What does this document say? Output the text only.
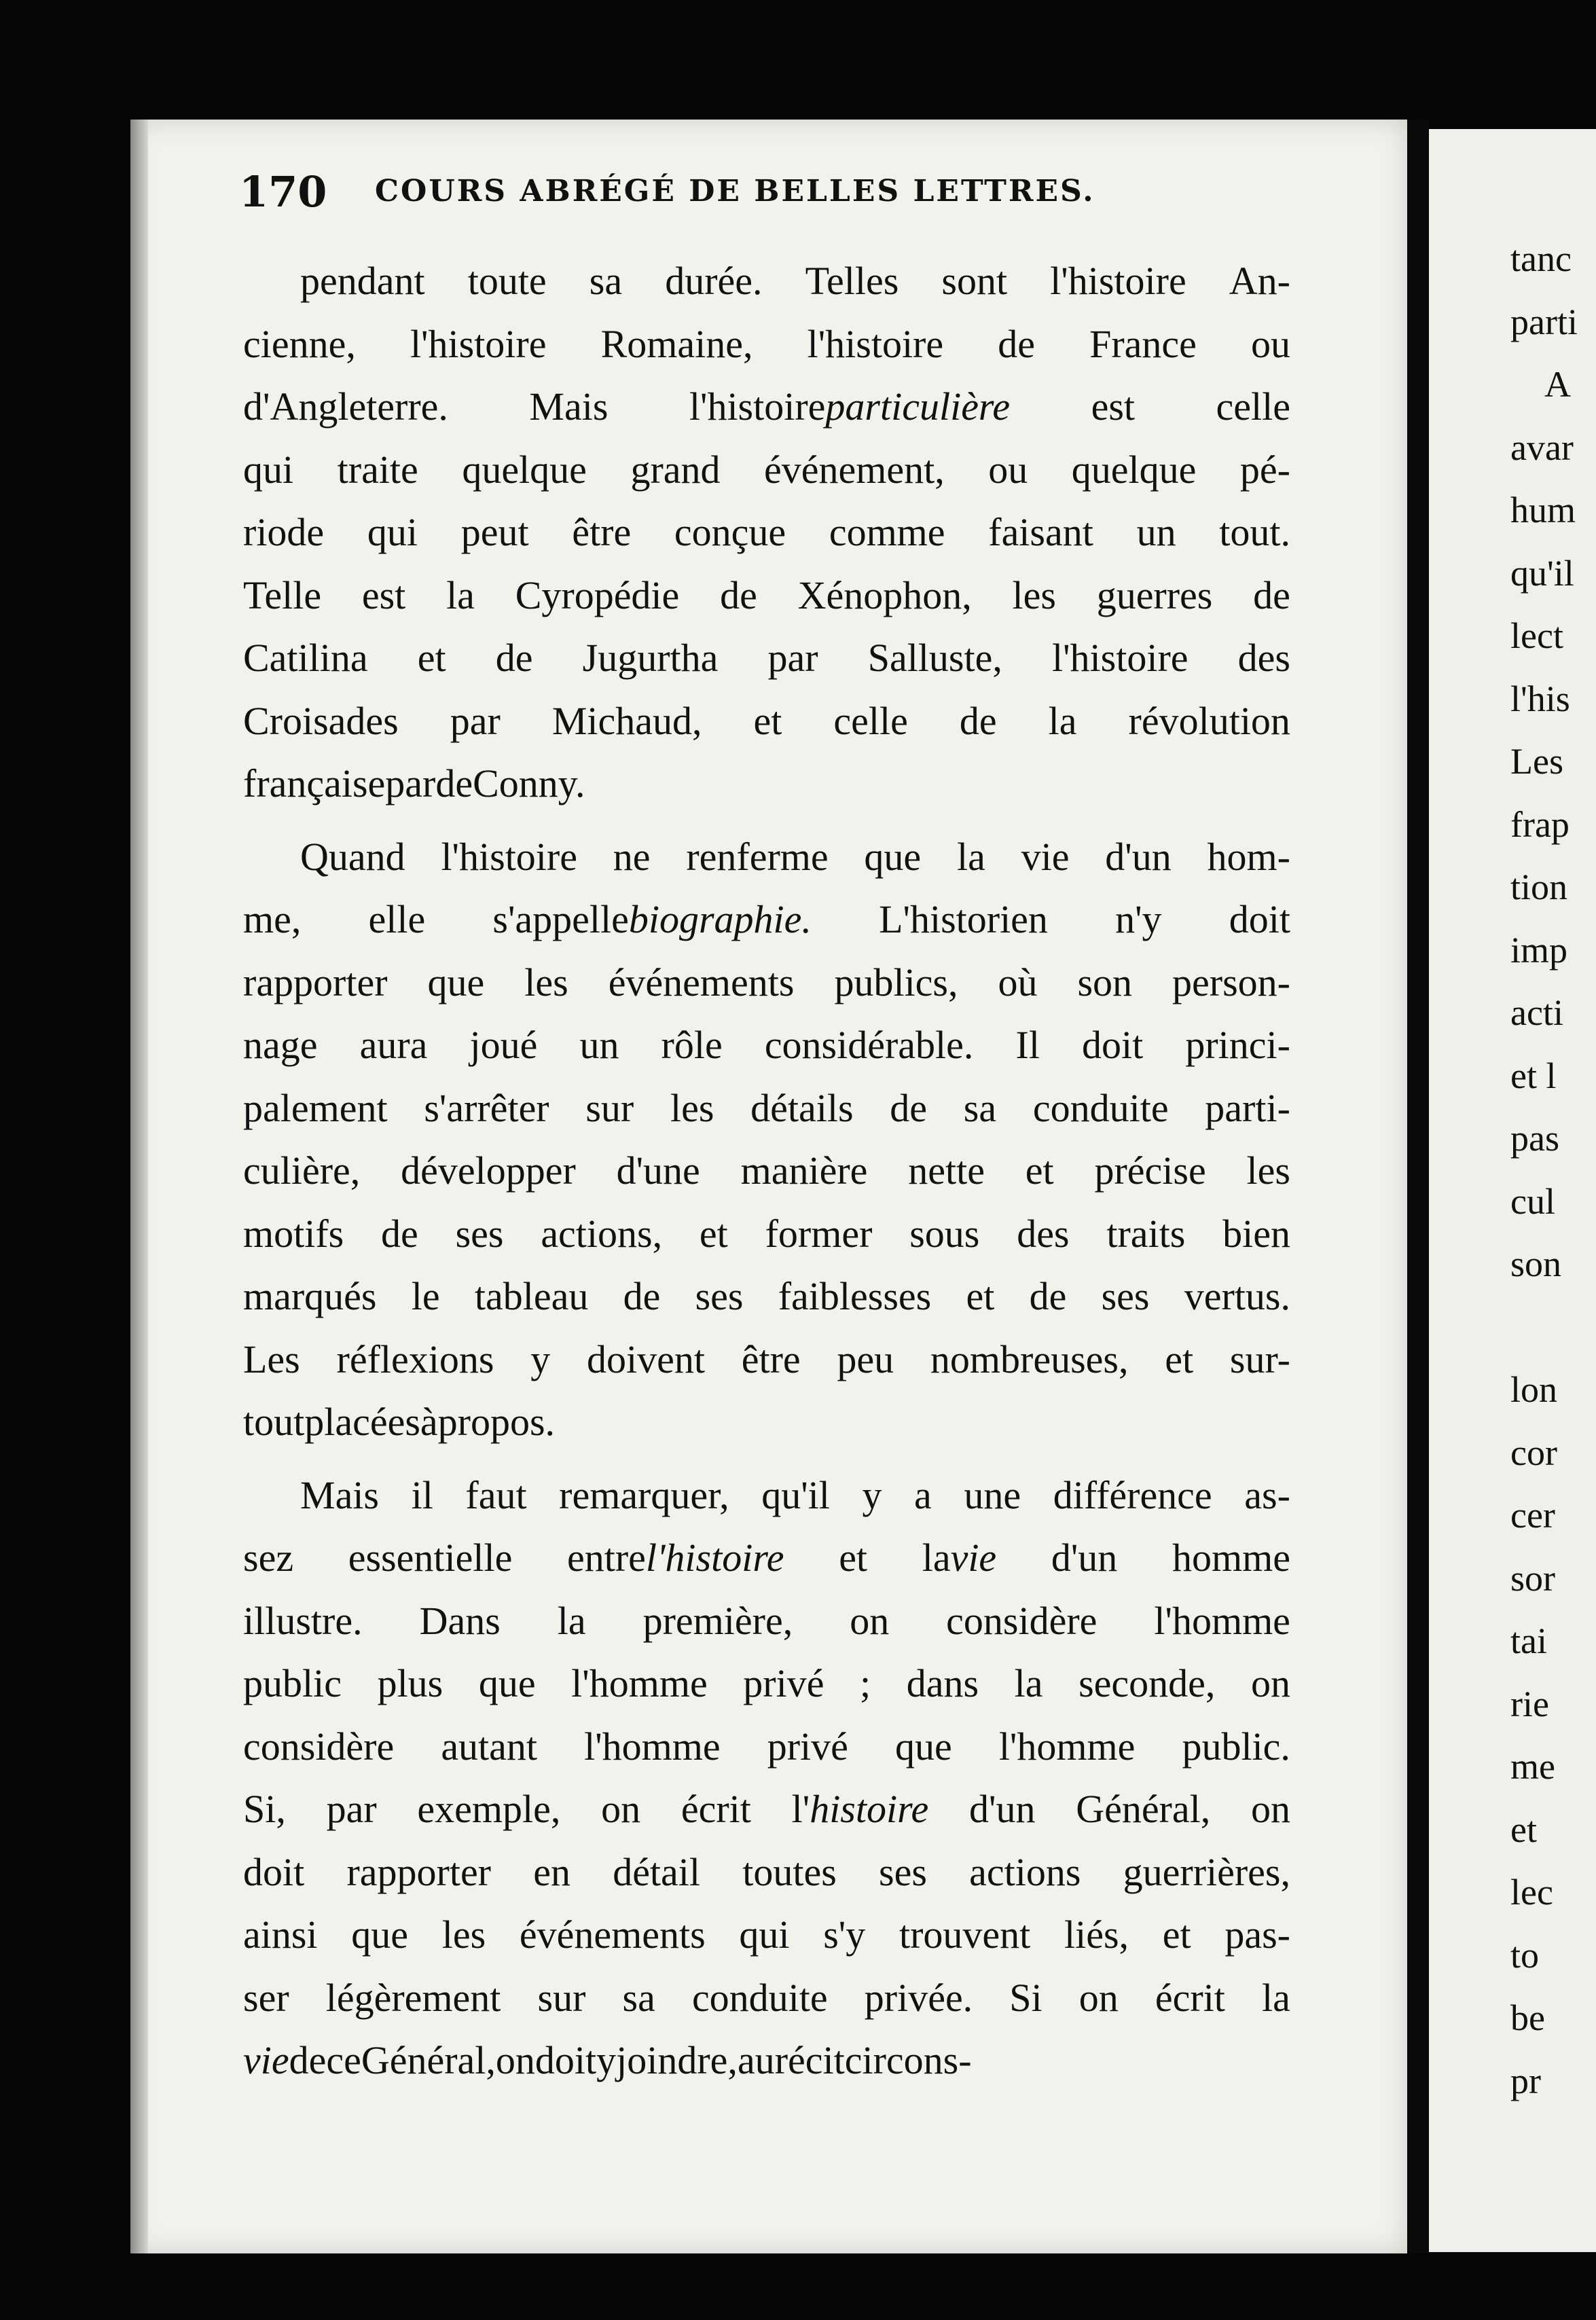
170 COURS ABRÉGÉ DE BELLES LETTRES.
pendant toute sa durée. Telles sont l'histoire An-
cienne, l'histoire Romaine, l'histoire de France ou
d'Angleterre. Mais l'histoireparticulière est celle
qui traite quelque grand événement, ou quelque pé-
riode qui peut être conçue comme faisant un tout.
Telle est la Cyropédie de Xénophon, les guerres de
Catilina et de Jugurtha par Salluste, l'histoire des
Croisades par Michaud, et celle de la révolution
française par de Conny.
Quand l'histoire ne renferme que la vie d'un hom-
me, elle s'appellebiographie. L'historien n'y doit
rapporter que les événements publics, où son person-
nage aura joué un rôle considérable. Il doit princi-
palement s'arrêter sur les détails de sa conduite parti-
culière, développer d'une manière nette et précise les
motifs de ses actions, et former sous des traits bien
marqués le tableau de ses faiblesses et de ses vertus.
Les réflexions y doivent être peu nombreuses, et sur-
tout placées à propos.
Mais il faut remarquer, qu'il y a une différence as-
sez essentielle entrel'histoire et lavie d'un homme
illustre. Dans la première, on considère l'homme
public plus que l'homme privé ; dans la seconde, on
considère autant l'homme privé que l'homme public.
Si, par exemple, on écrit l'histoire d'un Général, on
doit rapporter en détail toutes ses actions guerrières,
ainsi que les événements qui s'y trouvent liés, et pas-
ser légèrement sur sa conduite privée. Si on écrit la
vie de ce Général, on doit y joindre, au récit circons-
tanc
parti
A
avar
hum
qu'il
lect
l'his
Les
frap
tion
imp
acti
et l
pas
cul
son
lon
cor
cer
sor
tai
rie
me
et
lec
to
be
pr
